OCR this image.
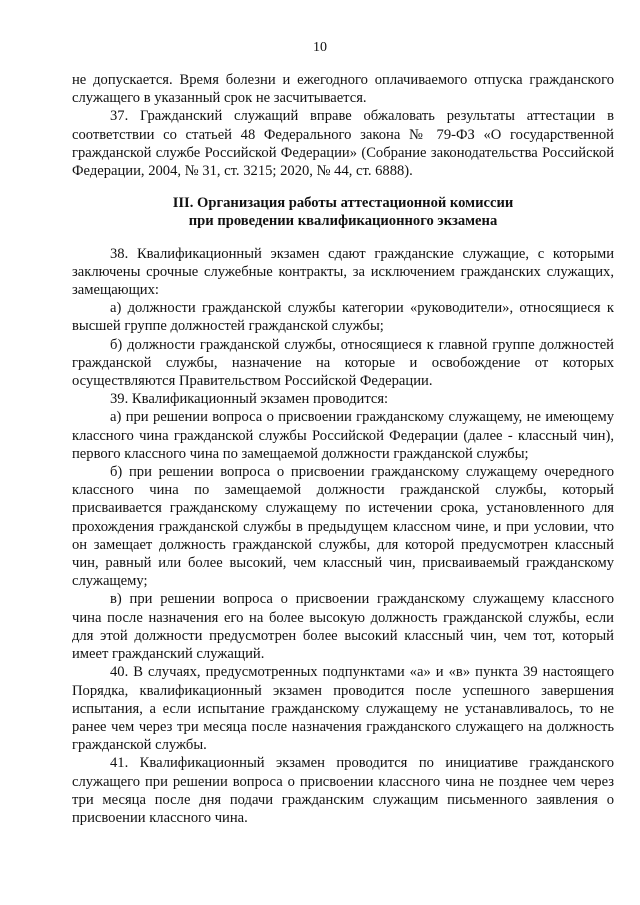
10

не допускается. Время болезни и ежегодного оплачиваемого отпуска гражданского служащего в указанный срок не засчитывается.

37. Гражданский служащий вправе обжаловать результаты аттестации в соответствии со статьей 48 Федерального закона № 79-ФЗ «О государственной гражданской службе Российской Федерации» (Собрание законодательства Российской Федерации, 2004, № 31, ст. 3215; 2020, № 44, ст. 6888).

III. Организация работы аттестационной комиссии
при проведении квалификационного экзамена

38. Квалификационный экзамен сдают гражданские служащие, с которыми заключены срочные служебные контракты, за исключением гражданских служащих, замещающих:

а) должности гражданской службы категории «руководители», относящиеся к высшей группе должностей гражданской службы;

б) должности гражданской службы, относящиеся к главной группе должностей гражданской службы, назначение на которые и освобождение от которых осуществляются Правительством Российской Федерации.

39. Квалификационный экзамен проводится:

а) при решении вопроса о присвоении гражданскому служащему, не имеющему классного чина гражданской службы Российской Федерации (далее - классный чин), первого классного чина по замещаемой должности гражданской службы;

б) при решении вопроса о присвоении гражданскому служащему очередного классного чина по замещаемой должности гражданской службы, который присваивается гражданскому служащему по истечении срока, установленного для прохождения гражданской службы в предыдущем классном чине, и при условии, что он замещает должность гражданской службы, для которой предусмотрен классный чин, равный или более высокий, чем классный чин, присваиваемый гражданскому служащему;

в) при решении вопроса о присвоении гражданскому служащему классного чина после назначения его на более высокую должность гражданской службы, если для этой должности предусмотрен более высокий классный чин, чем тот, который имеет гражданский служащий.

40. В случаях, предусмотренных подпунктами «а» и «в» пункта 39 настоящего Порядка, квалификационный экзамен проводится после успешного завершения испытания, а если испытание гражданскому служащему не устанавливалось, то не ранее чем через три месяца после назначения гражданского служащего на должность гражданской службы.

41. Квалификационный экзамен проводится по инициативе гражданского служащего при решении вопроса о присвоении классного чина не позднее чем через три месяца после дня подачи гражданским служащим письменного заявления о присвоении классного чина.
